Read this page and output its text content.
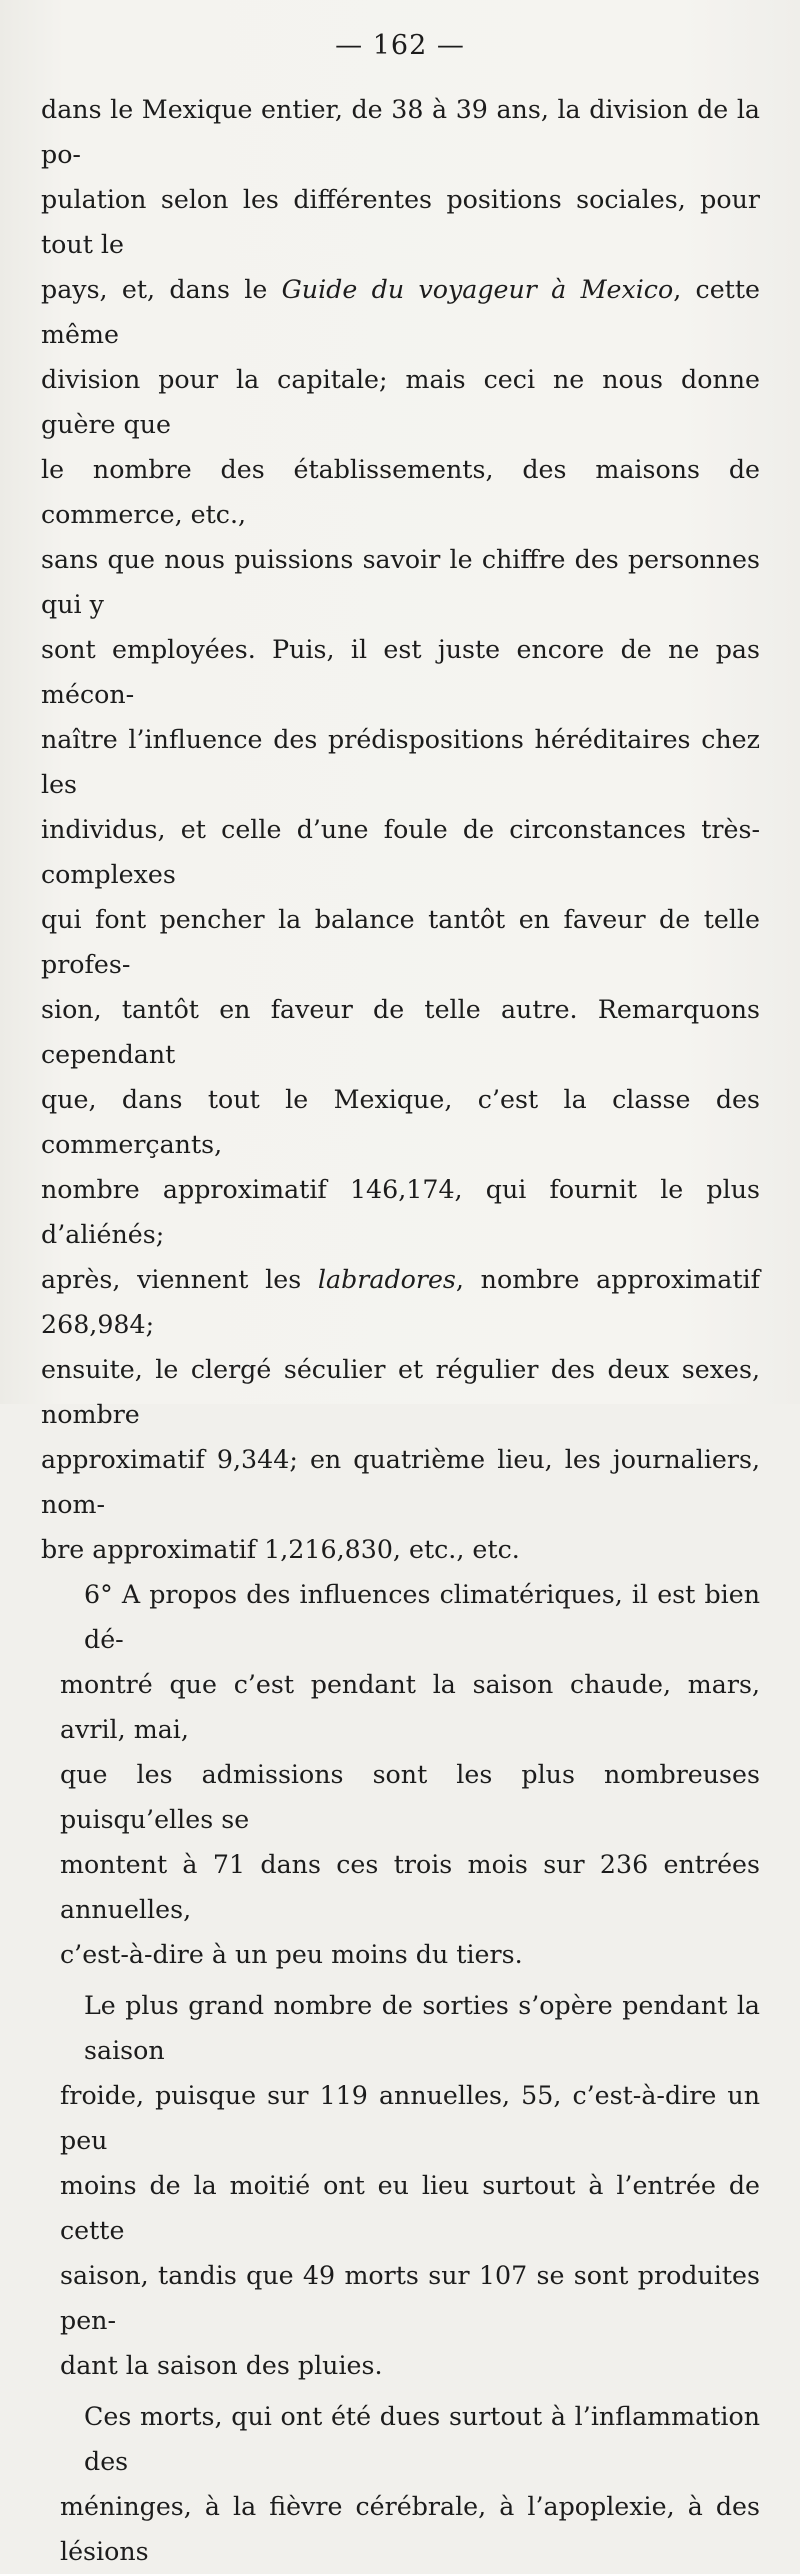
— 162 —
dans le Mexique entier, de 38 à 39 ans, la division de la po-
pulation selon les différentes positions sociales, pour tout le
pays, et, dans le Guide du voyageur à Mexico, cette même
division pour la capitale; mais ceci ne nous donne guère que
le nombre des établissements, des maisons de commerce, etc.,
sans que nous puissions savoir le chiffre des personnes qui y
sont employées. Puis, il est juste encore de ne pas mécon-
naître l’influence des prédispositions héréditaires chez les
individus, et celle d’une foule de circonstances très-complexes
qui font pencher la balance tantôt en faveur de telle profes-
sion, tantôt en faveur de telle autre. Remarquons cependant
que, dans tout le Mexique, c’est la classe des commerçants,
nombre approximatif 146,174, qui fournit le plus d’aliénés;
après, viennent les labradores, nombre approximatif 268,984;
ensuite, le clergé séculier et régulier des deux sexes, nombre
approximatif 9,344; en quatrième lieu, les journaliers, nom-
bre approximatif 1,216,830, etc., etc.
6° A propos des influences climatériques, il est bien dé-
montré que c’est pendant la saison chaude, mars, avril, mai,
que les admissions sont les plus nombreuses puisqu’elles se
montent à 71 dans ces trois mois sur 236 entrées annuelles,
c’est-à-dire à un peu moins du tiers.
Le plus grand nombre de sorties s’opère pendant la saison
froide, puisque sur 119 annuelles, 55, c’est-à-dire un peu
moins de la moitié ont eu lieu surtout à l’entrée de cette
saison, tandis que 49 morts sur 107 se sont produites pen-
dant la saison des pluies.
Ces morts, qui ont été dues surtout à l’inflammation des
méninges, à la fièvre cérébrale, à l’apoplexie, à des lésions
